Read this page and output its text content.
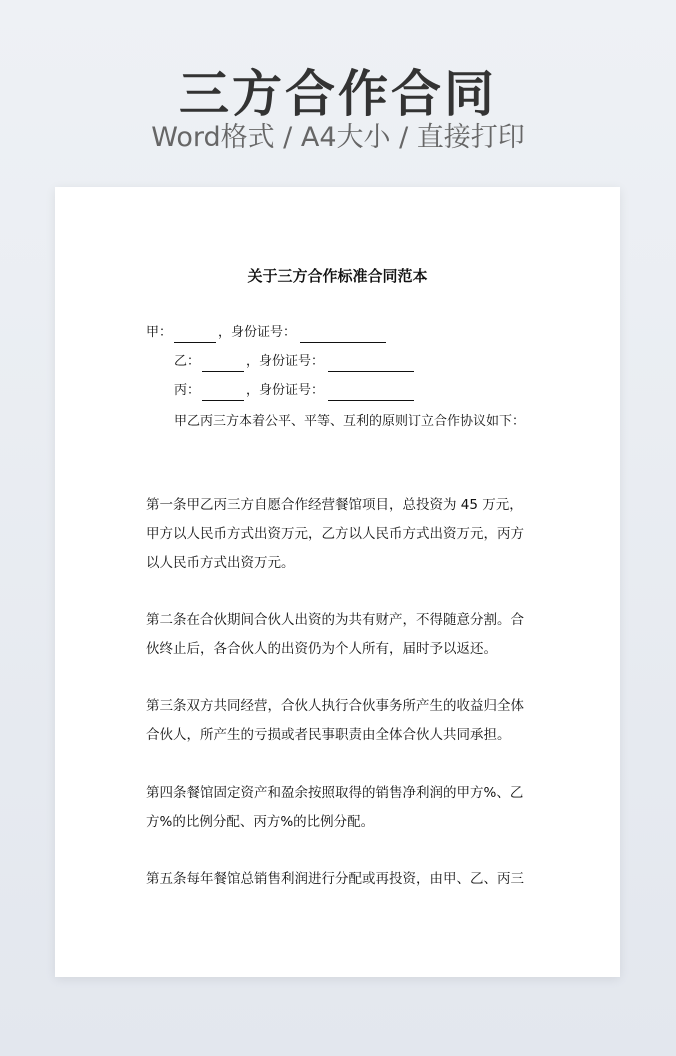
三方合作合同
Word格式 / A4大小 / 直接打印
关于三方合作标准合同范本
甲：	，身份证号：
乙：	，身份证号：
丙：	，身份证号：
甲乙丙三方本着公平、平等、互利的原则订立合作协议如下：
第一条甲乙丙三方自愿合作经营餐馆项目，总投资为 45 万元，甲方以人民币方式出资万元，乙方以人民币方式出资万元，丙方以人民币方式出资万元。
第二条在合伙期间合伙人出资的为共有财产，不得随意分割。合伙终止后，各合伙人的出资仍为个人所有，届时予以返还。
第三条双方共同经营，合伙人执行合伙事务所产生的收益归全体合伙人，所产生的亏损或者民事职责由全体合伙人共同承担。
第四条餐馆固定资产和盈余按照取得的销售净利润的甲方%、乙方%的比例分配、丙方%的比例分配。
第五条每年餐馆总销售利润进行分配或再投资，由甲、乙、丙三
